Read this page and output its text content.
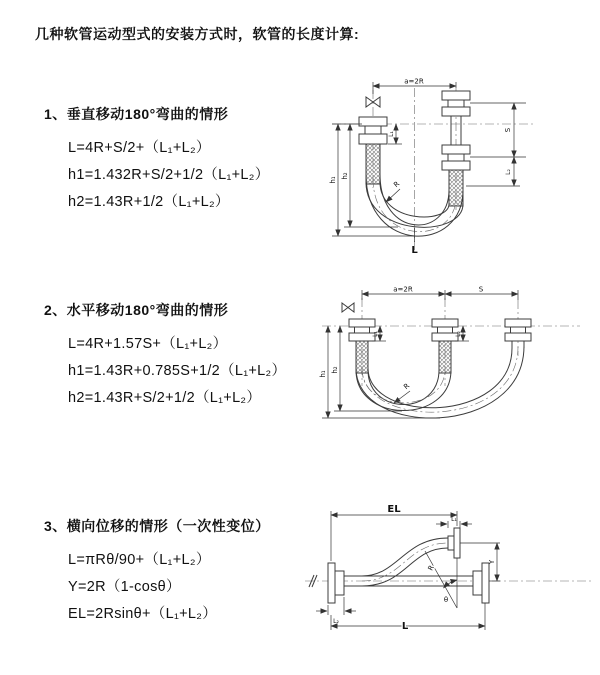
几种软管运动型式的安装方式时，软管的长度计算:

1、垂直移动180°弯曲的情形

L=4R+S/2+（L₁+L₂）
h1=1.432R+S/2+1/2（L₁+L₂）
h2=1.43R+1/2（L₁+L₂）
a=2R
S
L₂
h₁
h₂
L₁
R
L

2、水平移动180°弯曲的情形

L=4R+1.57S+（L₁+L₂）
h1=1.43R+0.785S+1/2（L₁+L₂）
h2=1.43R+S/2+1/2（L₁+L₂）
a=2R	S
h₁
h₂
L₁	L₂
R

3、横向位移的情形（一次性变位）

L=πRθ/90+（L₁+L₂）
Y=2R（1-cosθ）
EL=2Rsinθ+（L₁+L₂）
R
θ
EL
L₁
Y
L₂	L
